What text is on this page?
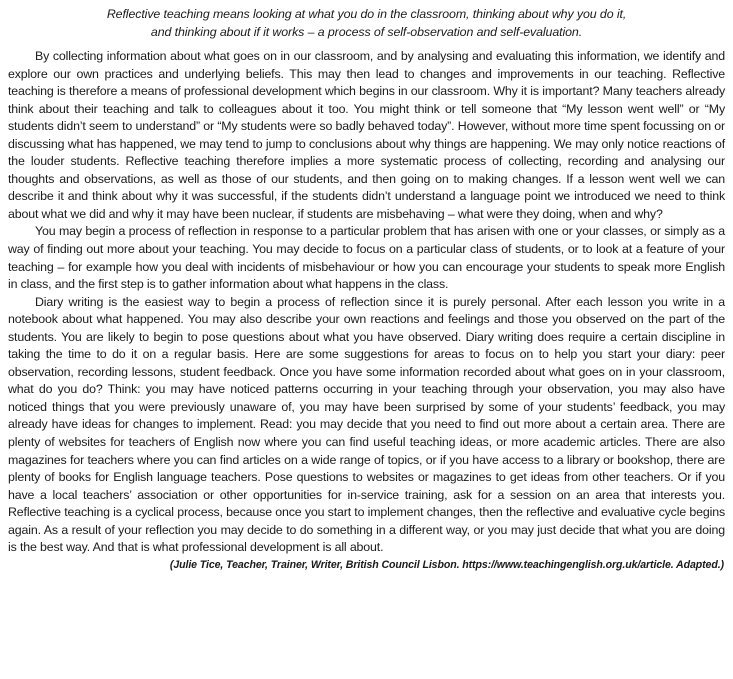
Reflective teaching means looking at what you do in the classroom, thinking about why you do it,
and thinking about if it works – a process of self-observation and self-evaluation.

By collecting information about what goes on in our classroom, and by analysing and evaluating this information, we identify and explore our own practices and underlying beliefs. This may then lead to changes and improvements in our teaching. Reflective teaching is therefore a means of professional development which begins in our classroom. Why it is important? Many teachers already think about their teaching and talk to colleagues about it too. You might think or tell someone that “My lesson went well” or “My students didn’t seem to understand” or “My students were so badly behaved today”. However, without more time spent focussing on or discussing what has happened, we may tend to jump to conclusions about why things are happening. We may only notice reactions of the louder students. Reflective teaching therefore implies a more systematic process of collecting, recording and analysing our thoughts and observations, as well as those of our students, and then going on to making changes. If a lesson went well we can describe it and think about why it was successful, if the students didn’t understand a language point we introduced we need to think about what we did and why it may have been nuclear, if students are misbehaving – what were they doing, when and why?

You may begin a process of reflection in response to a particular problem that has arisen with one or your classes, or simply as a way of finding out more about your teaching. You may decide to focus on a particular class of students, or to look at a feature of your teaching – for example how you deal with incidents of misbehaviour or how you can encourage your students to speak more English in class, and the first step is to gather information about what happens in the class.

Diary writing is the easiest way to begin a process of reflection since it is purely personal. After each lesson you write in a notebook about what happened. You may also describe your own reactions and feelings and those you observed on the part of the students. You are likely to begin to pose questions about what you have observed. Diary writing does require a certain discipline in taking the time to do it on a regular basis. Here are some suggestions for areas to focus on to help you start your diary: peer observation, recording lessons, student feedback. Once you have some information recorded about what goes on in your classroom, what do you do? Think: you may have noticed patterns occurring in your teaching through your observation, you may also have noticed things that you were previously unaware of, you may have been surprised by some of your students’ feedback, you may already have ideas for changes to implement. Read: you may decide that you need to find out more about a certain area. There are plenty of websites for teachers of English now where you can find useful teaching ideas, or more academic articles. There are also magazines for teachers where you can find articles on a wide range of topics, or if you have access to a library or bookshop, there are plenty of books for English language teachers. Pose questions to websites or magazines to get ideas from other teachers. Or if you have a local teachers’ association or other opportunities for in-service training, ask for a session on an area that interests you. Reflective teaching is a cyclical process, because once you start to implement changes, then the reflective and evaluative cycle begins again. As a result of your reflection you may decide to do something in a different way, or you may just decide that what you are doing is the best way. And that is what professional development is all about.

(Julie Tice, Teacher, Trainer, Writer, British Council Lisbon. https://www.teachingenglish.org.uk/article. Adapted.)
